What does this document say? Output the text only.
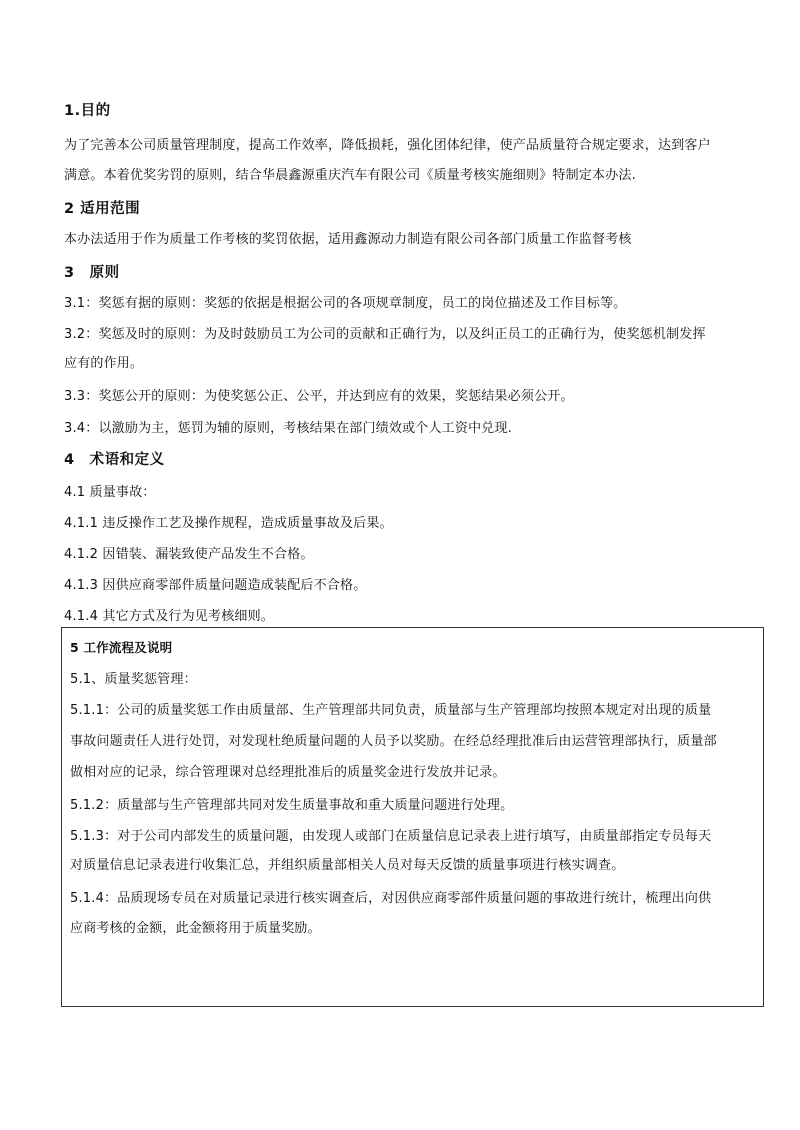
1.目的
为了完善本公司质量管理制度，提高工作效率，降低损耗，强化团体纪律，使产品质量符合规定要求，达到客户
满意。本着优奖劣罚的原则，结合华晨鑫源重庆汽车有限公司《质量考核实施细则》特制定本办法.
2 适用范围
本办法适用于作为质量工作考核的奖罚依据，适用鑫源动力制造有限公司各部门质量工作监督考核
3　原则
3.1：奖惩有据的原则：奖惩的依据是根据公司的各项规章制度，员工的岗位描述及工作目标等。
3.2：奖惩及时的原则：为及时鼓励员工为公司的贡献和正确行为，以及纠正员工的正确行为，使奖惩机制发挥
应有的作用。
3.3：奖惩公开的原则：为使奖惩公正、公平，并达到应有的效果，奖惩结果必须公开。
3.4：以激励为主，惩罚为辅的原则，考核结果在部门绩效或个人工资中兑现.
4　术语和定义
4.1 质量事故：
4.1.1 违反操作工艺及操作规程，造成质量事故及后果。
4.1.2 因错装、漏装致使产品发生不合格。
4.1.3 因供应商零部件质量问题造成装配后不合格。
4.1.4 其它方式及行为见考核细则。
5 工作流程及说明
5.1、质量奖惩管理：
5.1.1：公司的质量奖惩工作由质量部、生产管理部共同负责，质量部与生产管理部均按照本规定对出现的质量
事故问题责任人进行处罚，对发现杜绝质量问题的人员予以奖励。在经总经理批准后由运营管理部执行，质量部
做相对应的记录，综合管理课对总经理批准后的质量奖金进行发放并记录。
5.1.2：质量部与生产管理部共同对发生质量事故和重大质量问题进行处理。
5.1.3：对于公司内部发生的质量问题，由发现人或部门在质量信息记录表上进行填写，由质量部指定专员每天
对质量信息记录表进行收集汇总，并组织质量部相关人员对每天反馈的质量事项进行核实调查。
5.1.4：品质现场专员在对质量记录进行核实调查后，对因供应商零部件质量问题的事故进行统计，梳理出向供
应商考核的金额，此金额将用于质量奖励。
